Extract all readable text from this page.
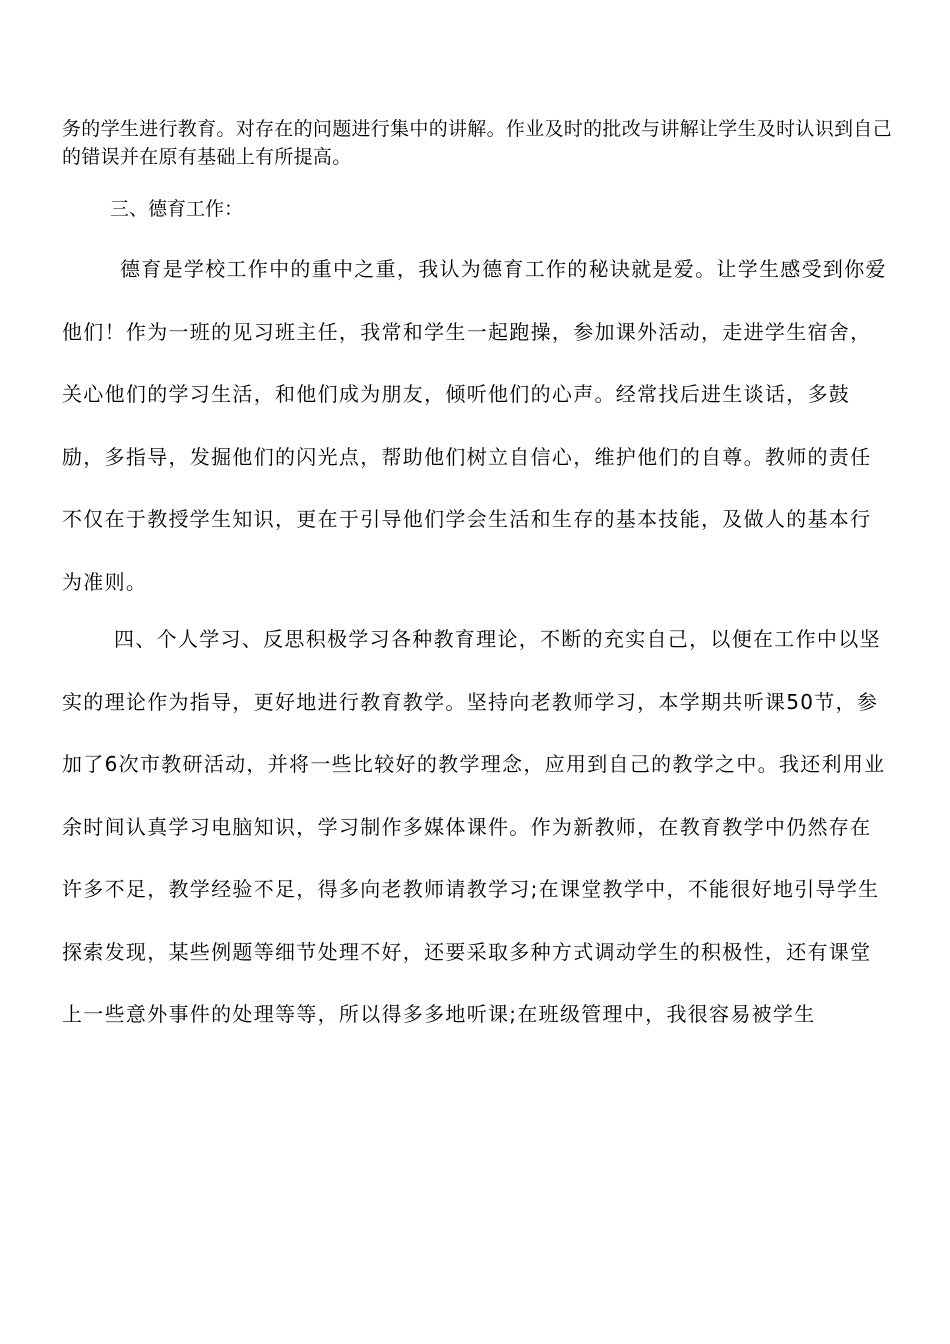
务的学生进行教育。对存在的问题进行集中的讲解。作业及时的批改与讲解让学生及时认识到自己的错误并在原有基础上有所提高。

三、德育工作：

德育是学校工作中的重中之重，我认为德育工作的秘诀就是爱。让学生感受到你爱他们！作为一班的见习班主任，我常和学生一起跑操，参加课外活动，走进学生宿舍，关心他们的学习生活，和他们成为朋友，倾听他们的心声。经常找后进生谈话，多鼓励，多指导，发掘他们的闪光点，帮助他们树立自信心，维护他们的自尊。教师的责任不仅在于教授学生知识，更在于引导他们学会生活和生存的基本技能，及做人的基本行为准则。

四、个人学习、反思积极学习各种教育理论，不断的充实自己，以便在工作中以坚实的理论作为指导，更好地进行教育教学。坚持向老教师学习，本学期共听课50节，参加了6次市教研活动，并将一些比较好的教学理念，应用到自己的教学之中。我还利用业余时间认真学习电脑知识，学习制作多媒体课件。作为新教师，在教育教学中仍然存在许多不足，教学经验不足，得多向老教师请教学习;在课堂教学中，不能很好地引导学生探索发现，某些例题等细节处理不好，还要采取多种方式调动学生的积极性，还有课堂上一些意外事件的处理等等，所以得多多地听课;在班级管理中，我很容易被学生
